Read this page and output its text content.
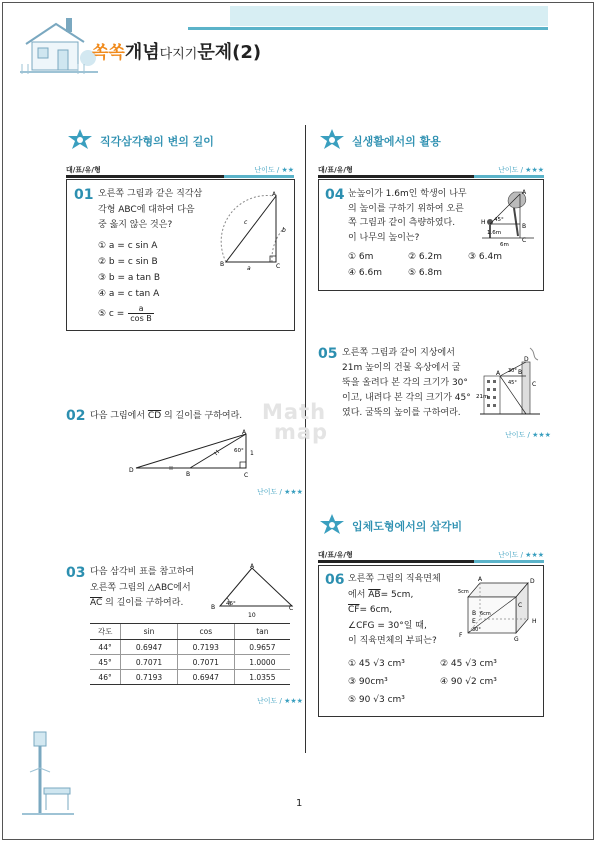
쏙쏙개념다지기문제(2)
Math
map
직각삼각형의 변의 길이
대/표/유/형	난이도 / ★★
01 오른쪽 그림과 같은 직각삼
각형 ABC에 대하여 다음
중 옳지 않은 것은?
① a = c sin A
② b = c sin B
③ b = a tan B
④ a = c tan A
⑤ $c = \frac{a}{\text{cos B}}$
A
B	C
a
b
c
02 다음 그림에서 $\overline{CD}$ 의 길이를 구하여라.
A
B	C
D
60° 1
난이도 / ★★★
03 다음 삼각비 표를 참고하여
오른쪽 그림의 △ABC에서
$\overline{AC}$ 의 길이를 구하여라.
A
B	C
46°
10
각도	sin	cos	tan
44°	0.6947	0.7193	0.9657
45°	0.7071	0.7071	1.0000
46°	0.7193	0.6947	1.0355
난이도 / ★★★
실생활에서의 활용
대/표/유/형	난이도 / ★★★
04 눈높이가 1.6m인 학생이 나무
의 높이를 구하기 위하여 오른
쪽 그림과 같이 측량하였다.
이 나무의 높이는?
① 6m	② 6.2m	③ 6.4m
④ 6.6m	⑤ 6.8m
A
H
B
C
45°
1.6m
6m
05 오른쪽 그림과 같이 지상에서
21m 높이의 건물 옥상에서 굴
뚝을 올려다 본 각의 크기가 30°
이고, 내려다 본 각의 크기가 45°
였다. 굴뚝의 높이를 구하여라.
A	B
C
D
30°
45°
21m
난이도 / ★★★
입체도형에서의 삼각비
대/표/유/형	난이도 / ★★★
06 오른쪽 그림의 직육면체
에서 $\overline{AB}= 5cm$,
$\overline{CF}= 6cm$,
∠CFG = 30°일 때,
이 직육면체의 부피는?
① 45 √3 cm³	② 45 √3 cm³
③ 90cm³	④ 90 √2 cm³
⑤ 90 √3 cm³
A
B
C
D
E
F
G
H
5cm
6cm
30°
1
